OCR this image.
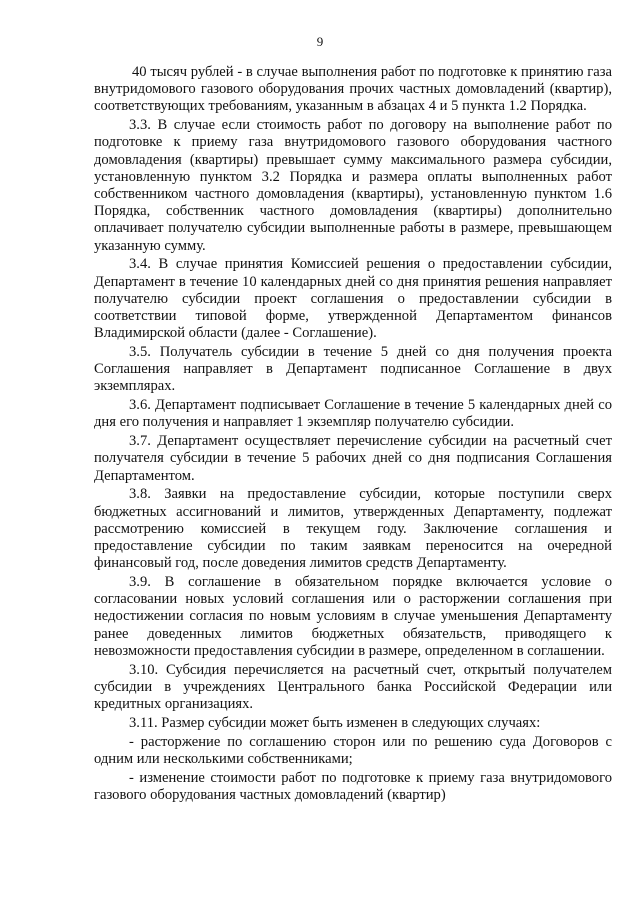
9

40 тысяч рублей - в случае выполнения работ по подготовке к принятию газа внутридомового газового оборудования прочих частных домовладений (квартир), соответствующих требованиям, указанным в абзацах 4 и 5 пункта 1.2 Порядка.

3.3. В случае если стоимость работ по договору на выполнение работ по подготовке к приему газа внутридомового газового оборудования частного домовладения (квартиры) превышает сумму максимального размера субсидии, установленную пунктом 3.2 Порядка и размера оплаты выполненных работ собственником частного домовладения (квартиры), установленную пунктом 1.6 Порядка, собственник частного домовладения (квартиры) дополнительно оплачивает получателю субсидии выполненные работы в размере, превышающем указанную сумму.

3.4. В случае принятия Комиссией решения о предоставлении субсидии, Департамент в течение 10 календарных дней со дня принятия решения направляет получателю субсидии проект соглашения о предоставлении субсидии в соответствии типовой форме, утвержденной Департаментом финансов Владимирской области (далее - Соглашение).

3.5. Получатель субсидии в течение 5 дней со дня получения проекта Соглашения направляет в Департамент подписанное Соглашение в двух экземплярах.

3.6. Департамент подписывает Соглашение в течение 5 календарных дней со дня его получения и направляет 1 экземпляр получателю субсидии.

3.7. Департамент осуществляет перечисление субсидии на расчетный счет получателя субсидии в течение 5 рабочих дней со дня подписания Соглашения Департаментом.

3.8. Заявки на предоставление субсидии, которые поступили сверх бюджетных ассигнований и лимитов, утвержденных Департаменту, подлежат рассмотрению комиссией в текущем году. Заключение соглашения и предоставление субсидии по таким заявкам переносится на очередной финансовый год, после доведения лимитов средств Департаменту.

3.9. В соглашение в обязательном порядке включается условие о согласовании новых условий соглашения или о расторжении соглашения при недостижении согласия по новым условиям в случае уменьшения Департаменту ранее доведенных лимитов бюджетных обязательств, приводящего к невозможности предоставления субсидии в размере, определенном в соглашении.

3.10. Субсидия перечисляется на расчетный счет, открытый получателем субсидии в учреждениях Центрального банка Российской Федерации или кредитных организациях.

3.11. Размер субсидии может быть изменен в следующих случаях:

- расторжение по соглашению сторон или по решению суда Договоров с одним или несколькими собственниками;

- изменение стоимости работ по подготовке к приему газа внутридомового газового оборудования частных домовладений (квартир)
